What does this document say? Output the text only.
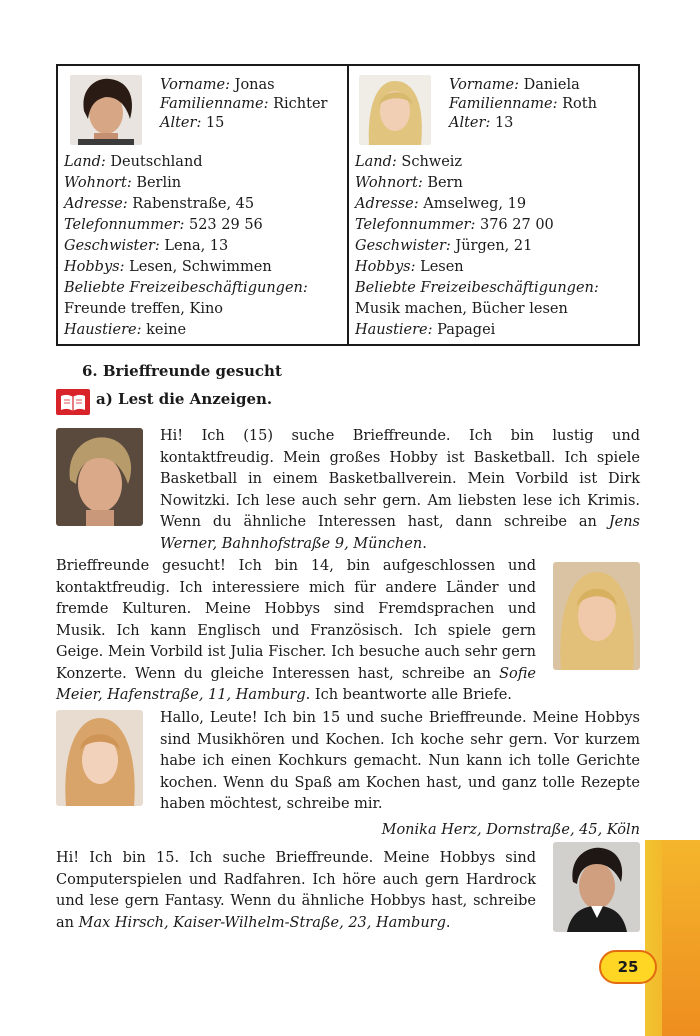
Vorname: Jonas
Familienname: Richter
Alter: 15
Land: Deutschland
Wohnort: Berlin
Adresse: Rabenstraße, 45
Telefonnummer: 523 29 56
Geschwister: Lena, 13
Hobbys: Lesen, Schwimmen
Beliebte Freizeibeschäftigungen:
Freunde treffen, Kino
Haustiere: keine
Vorname: Daniela
Familienname: Roth
Alter: 13
Land: Schweiz
Wohnort: Bern
Adresse: Amselweg, 19
Telefonnummer: 376 27 00
Geschwister: Jürgen, 21
Hobbys: Lesen
Beliebte Freizeibeschäftigungen:
Musik machen, Bücher lesen
Haustiere: Papagei
6. Brieffreunde gesucht
a) Lest die Anzeigen.

Hi! Ich (15) suche Brieffreunde. Ich bin lustig und kontaktfreudig. Mein großes Hobby ist Basketball. Ich spiele Basketball in einem Basketballverein. Mein Vorbild ist Dirk Nowitzki. Ich lese auch sehr gern. Am liebsten lese ich Krimis. Wenn du ähnliche Interessen hast, dann schreibe an Jens Werner, Bahnhofstraße 9, München.

Brieffreunde gesucht! Ich bin 14, bin aufgeschlossen und kontaktfreudig. Ich interessiere mich für andere Länder und fremde Kulturen. Meine Hobbys sind Fremdsprachen und Musik. Ich kann Englisch und Französisch. Ich spiele gern Geige. Mein Vorbild ist Julia Fischer. Ich besuche auch sehr gern Konzerte. Wenn du gleiche Interessen hast, schreibe an Sofie Meier, Hafenstraße, 11, Hamburg. Ich beantworte alle Briefe.

Hallo, Leute! Ich bin 15 und suche Brieffreunde. Meine Hobbys sind Musikhören und Kochen. Ich koche sehr gern. Vor kurzem habe ich einen Kochkurs gemacht. Nun kann ich tolle Gerichte kochen. Wenn du Spaß am Kochen hast, und ganz tolle Rezepte haben möchtest, schreibe mir.

Monika Herz, Dornstraße, 45, Köln

Hi! Ich bin 15. Ich suche Brieffreunde. Meine Hobbys sind Computerspielen und Radfahren. Ich höre auch gern Hardrock und lese gern Fantasy. Wenn du ähnliche Hobbys hast, schreibe an Max Hirsch, Kaiser-Wilhelm-Straße, 23, Hamburg.

25
